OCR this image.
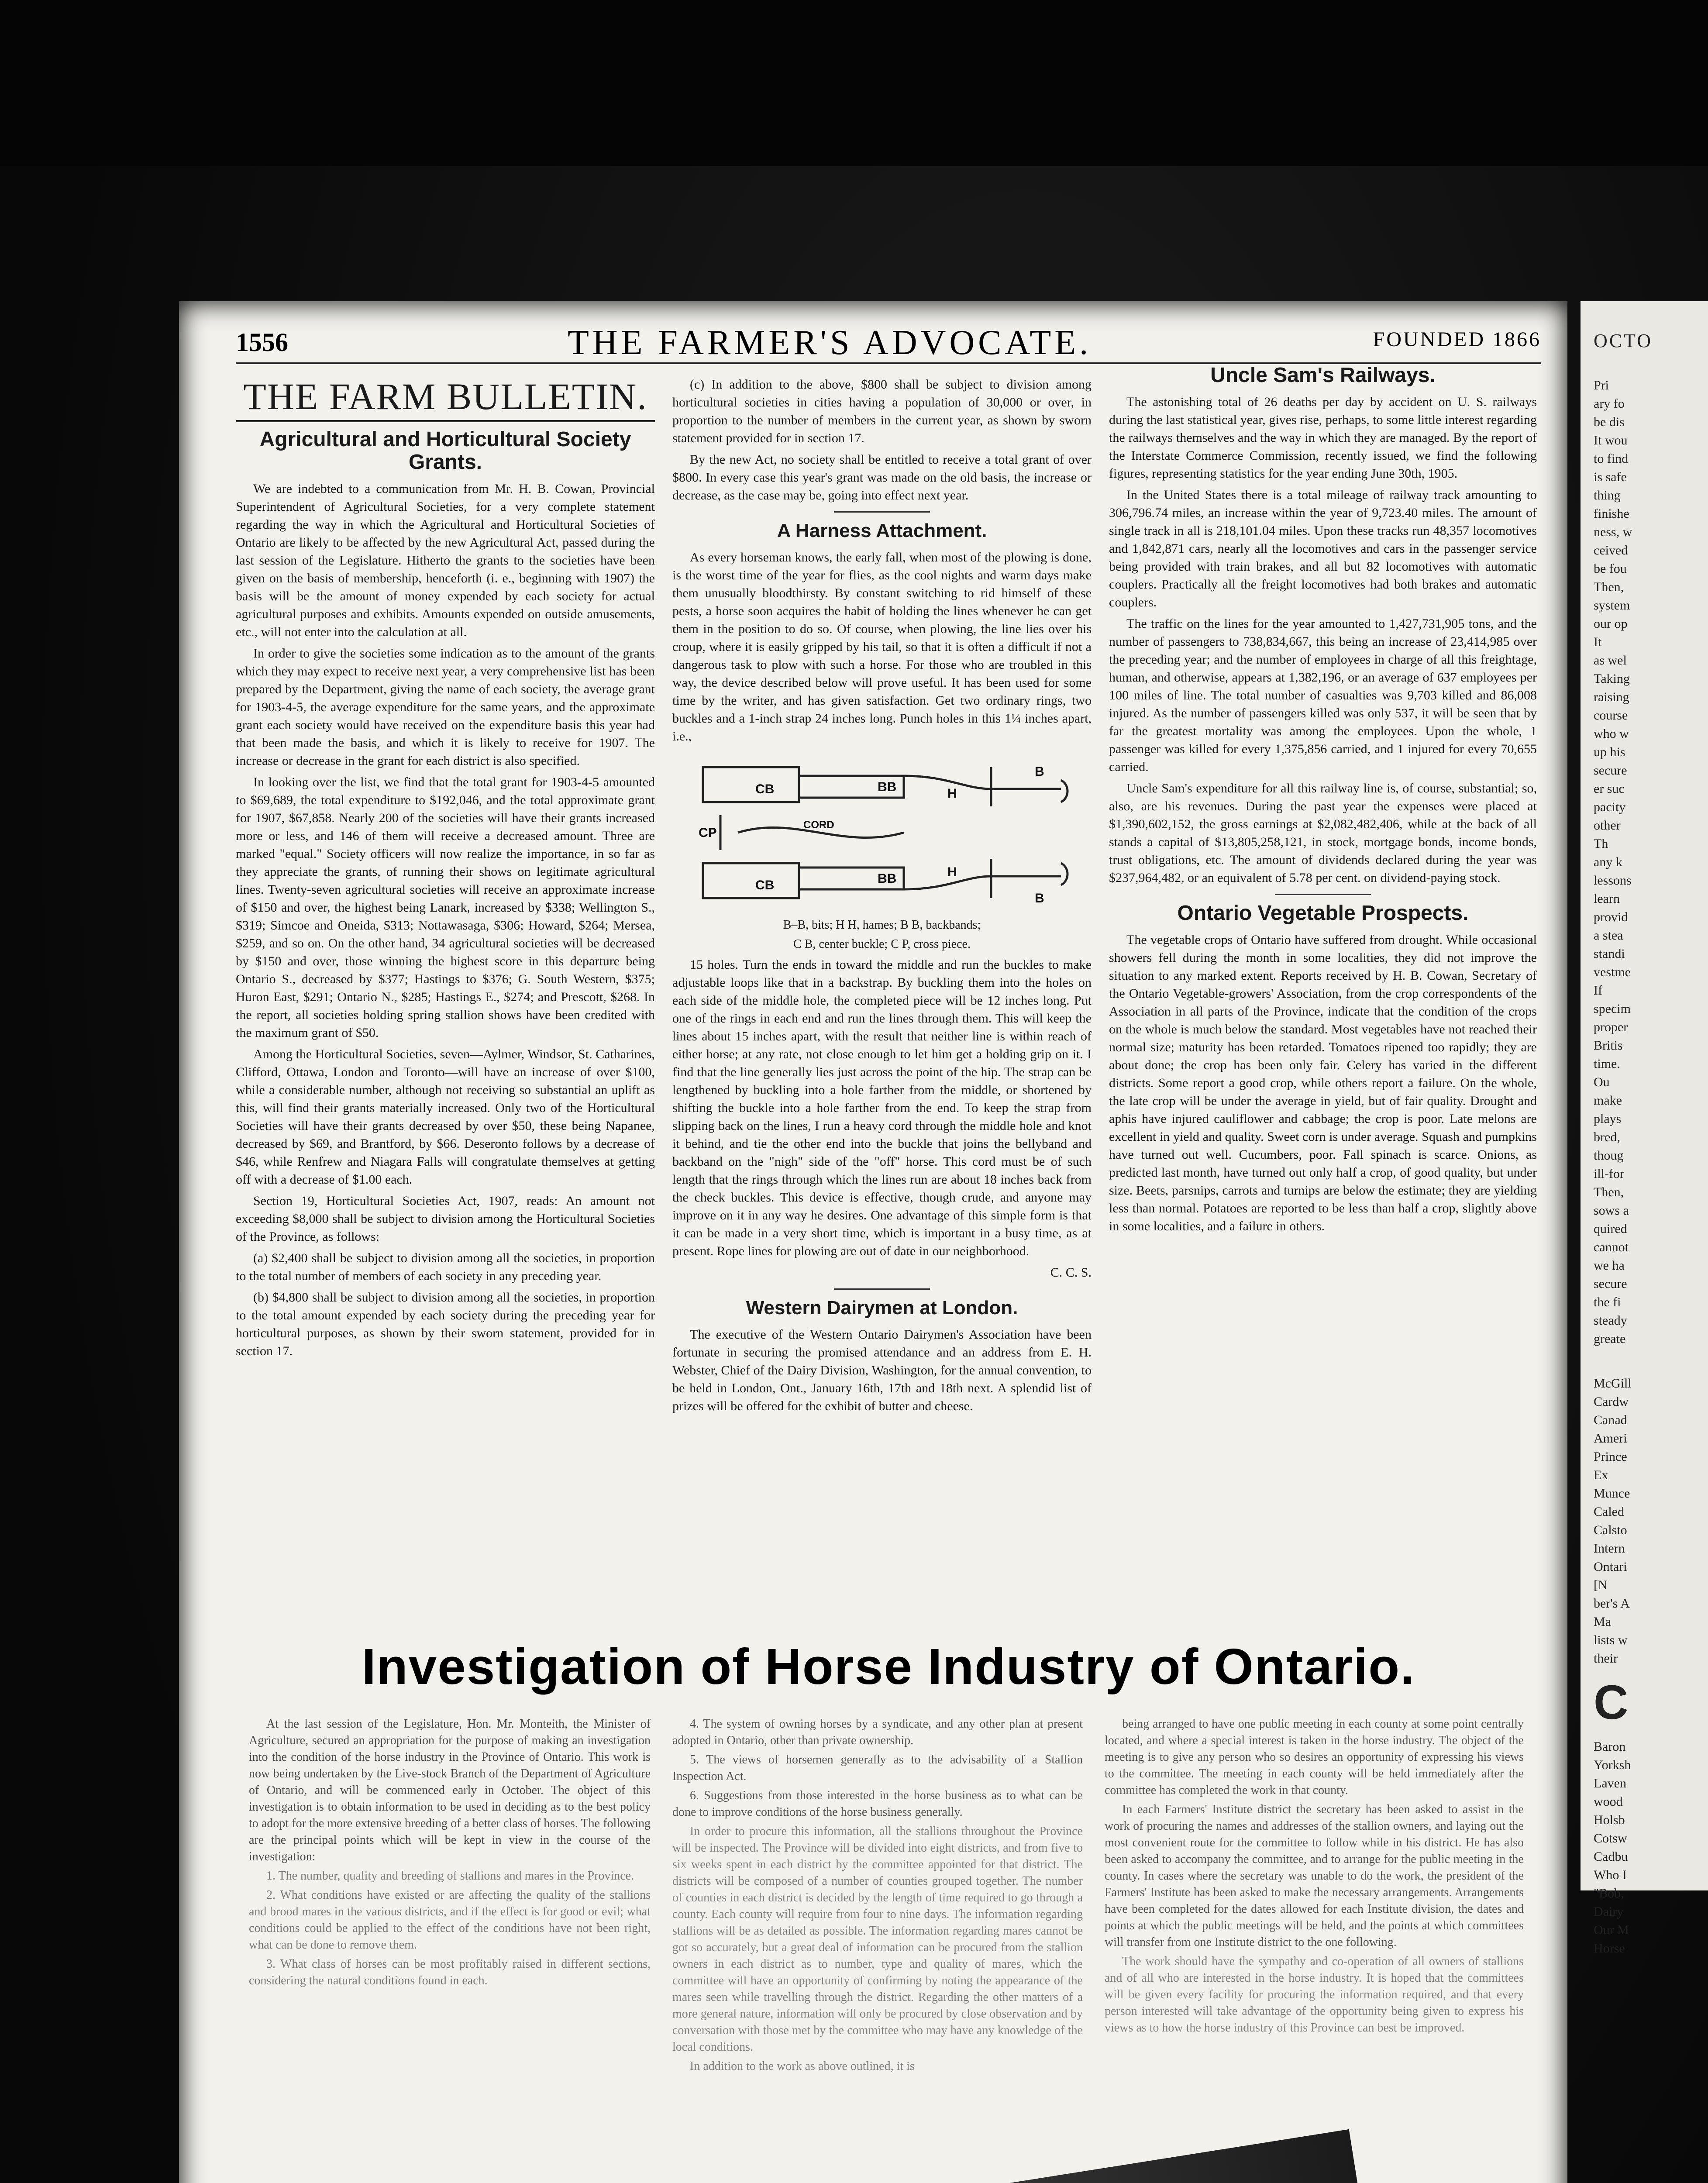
1556	THE FARMER'S ADVOCATE.	FOUNDED 1866
THE FARM BULLETIN.
Agricultural and Horticultural Society Grants.

We are indebted to a communication from Mr. H. B. Cowan, Provincial Superintendent of Agricultural Societies, for a very complete statement regarding the way in which the Agricultural and Horticultural Societies of Ontario are likely to be affected by the new Agricultural Act, passed during the last session of the Legislature. Hitherto the grants to the societies have been given on the basis of membership, henceforth (i. e., beginning with 1907) the basis will be the amount of money expended by each society for actual agricultural purposes and exhibits. Amounts expended on outside amusements, etc., will not enter into the calculation at all.

In order to give the societies some indication as to the amount of the grants which they may expect to receive next year, a very comprehensive list has been prepared by the Department, giving the name of each society, the average grant for 1903-4-5, the average expenditure for the same years, and the approximate grant each society would have received on the expenditure basis this year had that been made the basis, and which it is likely to receive for 1907. The increase or decrease in the grant for each district is also specified.

In looking over the list, we find that the total grant for 1903-4-5 amounted to $69,689, the total expenditure to $192,046, and the total approximate grant for 1907, $67,858. Nearly 200 of the societies will have their grants increased more or less, and 146 of them will receive a decreased amount. Three are marked "equal." Society officers will now realize the importance, in so far as they appreciate the grants, of running their shows on legitimate agricultural lines. Twenty-seven agricultural societies will receive an approximate increase of $150 and over, the highest being Lanark, increased by $338; Wellington S., $319; Simcoe and Oneida, $313; Nottawasaga, $306; Howard, $264; Mersea, $259, and so on. On the other hand, 34 agricultural societies will be decreased by $150 and over, those winning the highest score in this departure being Ontario S., decreased by $377; Hastings to $376; G. South Western, $375; Huron East, $291; Ontario N., $285; Hastings E., $274; and Prescott, $268. In the report, all societies holding spring stallion shows have been credited with the maximum grant of $50.

Among the Horticultural Societies, seven—Aylmer, Windsor, St. Catharines, Clifford, Ottawa, London and Toronto—will have an increase of over $100, while a considerable number, although not receiving so substantial an uplift as this, will find their grants materially increased. Only two of the Horticultural Societies will have their grants decreased by over $50, these being Napanee, decreased by $69, and Brantford, by $66. Deseronto follows by a decrease of $46, while Renfrew and Niagara Falls will congratulate themselves at getting off with a decrease of $1.00 each.

Section 19, Horticultural Societies Act, 1907, reads: An amount not exceeding $8,000 shall be subject to division among the Horticultural Societies of the Province, as follows:

(a) $2,400 shall be subject to division among all the societies, in proportion to the total number of members of each society in any preceding year.

(b) $4,800 shall be subject to division among all the societies, in proportion to the total amount expended by each society during the preceding year for horticultural purposes, as shown by their sworn statement, provided for in section 17.

(c) In addition to the above, $800 shall be subject to division among horticultural societies in cities having a population of 30,000 or over, in proportion to the number of members in the current year, as shown by sworn statement provided for in section 17.

By the new Act, no society shall be entitled to receive a total grant of over $800. In every case this year's grant was made on the old basis, the increase or decrease, as the case may be, going into effect next year.

A Harness Attachment.

As every horseman knows, the early fall, when most of the plowing is done, is the worst time of the year for flies, as the cool nights and warm days make them unusually bloodthirsty. By constant switching to rid himself of these pests, a horse soon acquires the habit of holding the lines whenever he can get them in the position to do so. Of course, when plowing, the line lies over his croup, where it is easily gripped by his tail, so that it is often a difficult if not a dangerous task to plow with such a horse. For those who are troubled in this way, the device described below will prove useful. It has been used for some time by the writer, and has given satisfaction. Get two ordinary rings, two buckles and a 1-inch strap 24 inches long. Punch holes in this 1¼ inches apart, i.e.,

BB
BB
H
H
B
B
CB
CB
CP
CORD

B–B, bits; H H, hames; B B, backbands;

C B, center buckle; C P, cross piece.

15 holes. Turn the ends in toward the middle and run the buckles to make adjustable loops like that in a backstrap. By buckling them into the holes on each side of the middle hole, the completed piece will be 12 inches long. Put one of the rings in each end and run the lines through them. This will keep the lines about 15 inches apart, with the result that neither line is within reach of either horse; at any rate, not close enough to let him get a holding grip on it. I find that the line generally lies just across the point of the hip. The strap can be lengthened by buckling into a hole farther from the middle, or shortened by shifting the buckle into a hole farther from the end. To keep the strap from slipping back on the lines, I run a heavy cord through the middle hole and knot it behind, and tie the other end into the buckle that joins the bellyband and backband on the "nigh" side of the "off" horse. This cord must be of such length that the rings through which the lines run are about 18 inches back from the check buckles. This device is effective, though crude, and anyone may improve on it in any way he desires. One advantage of this simple form is that it can be made in a very short time, which is important in a busy time, as at present. Rope lines for plowing are out of date in our neighborhood.

C. C. S.

Western Dairymen at London.

The executive of the Western Ontario Dairymen's Association have been fortunate in securing the promised attendance and an address from E. H. Webster, Chief of the Dairy Division, Washington, for the annual convention, to be held in London, Ont., January 16th, 17th and 18th next. A splendid list of prizes will be offered for the exhibit of butter and cheese.

Uncle Sam's Railways.

The astonishing total of 26 deaths per day by accident on U. S. railways during the last statistical year, gives rise, perhaps, to some little interest regarding the railways themselves and the way in which they are managed. By the report of the Interstate Commerce Commission, recently issued, we find the following figures, representing statistics for the year ending June 30th, 1905.

In the United States there is a total mileage of railway track amounting to 306,796.74 miles, an increase within the year of 9,723.40 miles. The amount of single track in all is 218,101.04 miles. Upon these tracks run 48,357 locomotives and 1,842,871 cars, nearly all the locomotives and cars in the passenger service being provided with train brakes, and all but 82 locomotives with automatic couplers. Practically all the freight locomotives had both brakes and automatic couplers.

The traffic on the lines for the year amounted to 1,427,731,905 tons, and the number of passengers to 738,834,667, this being an increase of 23,414,985 over the preceding year; and the number of employees in charge of all this freightage, human, and otherwise, appears at 1,382,196, or an average of 637 employees per 100 miles of line. The total number of casualties was 9,703 killed and 86,008 injured. As the number of passengers killed was only 537, it will be seen that by far the greatest mortality was among the employees. Upon the whole, 1 passenger was killed for every 1,375,856 carried, and 1 injured for every 70,655 carried.

Uncle Sam's expenditure for all this railway line is, of course, substantial; so, also, are his revenues. During the past year the expenses were placed at $1,390,602,152, the gross earnings at $2,082,482,406, while at the back of all stands a capital of $13,805,258,121, in stock, mortgage bonds, income bonds, trust obligations, etc. The amount of dividends declared during the year was $237,964,482, or an equivalent of 5.78 per cent. on dividend-paying stock.

Ontario Vegetable Prospects.

The vegetable crops of Ontario have suffered from drought. While occasional showers fell during the month in some localities, they did not improve the situation to any marked extent. Reports received by H. B. Cowan, Secretary of the Ontario Vegetable-growers' Association, from the crop correspondents of the Association in all parts of the Province, indicate that the condition of the crops on the whole is much below the standard. Most vegetables have not reached their normal size; maturity has been retarded. Tomatoes ripened too rapidly; they are about done; the crop has been only fair. Celery has varied in the different districts. Some report a good crop, while others report a failure. On the whole, the late crop will be under the average in yield, but of fair quality. Drought and aphis have injured cauliflower and cabbage; the crop is poor. Late melons are excellent in yield and quality. Sweet corn is under average. Squash and pumpkins have turned out well. Cucumbers, poor. Fall spinach is scarce. Onions, as predicted last month, have turned out only half a crop, of good quality, but under size. Beets, parsnips, carrots and turnips are below the estimate; they are yielding less than normal. Potatoes are reported to be less than half a crop, slightly above in some localities, and a failure in others.

Investigation of Horse Industry of Ontario.

At the last session of the Legislature, Hon. Mr. Monteith, the Minister of Agriculture, secured an appropriation for the purpose of making an investigation into the condition of the horse industry in the Province of Ontario. This work is now being undertaken by the Live-stock Branch of the Department of Agriculture of Ontario, and will be commenced early in October. The object of this investigation is to obtain information to be used in deciding as to the best policy to adopt for the more extensive breeding of a better class of horses. The following are the principal points which will be kept in view in the course of the investigation:

1. The number, quality and breeding of stallions and mares in the Province.

2. What conditions have existed or are affecting the quality of the stallions and brood mares in the various districts, and if the effect is for good or evil; what conditions could be applied to the effect of the conditions have not been right, what can be done to remove them.

3. What class of horses can be most profitably raised in different sections, considering the natural conditions found in each.

4. The system of owning horses by a syndicate, and any other plan at present adopted in Ontario, other than private ownership.

5. The views of horsemen generally as to the advisability of a Stallion Inspection Act.

6. Suggestions from those interested in the horse business as to what can be done to improve conditions of the horse business generally.

In order to procure this information, all the stallions throughout the Province will be inspected. The Province will be divided into eight districts, and from five to six weeks spent in each district by the committee appointed for that district. The districts will be composed of a number of counties grouped together. The number of counties in each district is decided by the length of time required to go through a county. Each county will require from four to nine days. The information regarding stallions will be as detailed as possible. The information regarding mares cannot be got so accurately, but a great deal of information can be procured from the stallion owners in each district as to number, type and quality of mares, which the committee will have an opportunity of confirming by noting the appearance of the mares seen while travelling through the district. Regarding the other matters of a more general nature, information will only be procured by close observation and by conversation with those met by the committee who may have any knowledge of the local conditions.

In addition to the work as above outlined, it is

being arranged to have one public meeting in each county at some point centrally located, and where a special interest is taken in the horse industry. The object of the meeting is to give any person who so desires an opportunity of expressing his views to the committee. The meeting in each county will be held immediately after the committee has completed the work in that county.

In each Farmers' Institute district the secretary has been asked to assist in the work of procuring the names and addresses of the stallion owners, and laying out the most convenient route for the committee to follow while in his district. He has also been asked to accompany the committee, and to arrange for the public meeting in the county. In cases where the secretary was unable to do the work, the president of the Farmers' Institute has been asked to make the necessary arrangements. Arrangements have been completed for the dates allowed for each Institute division, the dates and points at which the public meetings will be held, and the points at which committees will transfer from one Institute district to the one following.

The work should have the sympathy and co-operation of all owners of stallions and of all who are interested in the horse industry. It is hoped that the committees will be given every facility for procuring the information required, and that every person interested will take advantage of the opportunity being given to express his views as to how the horse industry of this Province can best be improved.

OCTO
Pri
ary fo
be dis
It wou
to find
is safe
thing
finishe
ness, w
ceived
be fou
Then,
system
our op
It
as wel
Taking
raising
course
who w
up his
secure
er suc
pacity
other
Th
any k
lessons
learn
provid
a stea
standi
vestme
If
specim
proper
Britis
time.
Ou
make
plays
bred,
thoug
ill-for
Then,
sows a
quired
cannot
we ha
secure
the fi
steady
greate
McGill
Cardw
Canad
Ameri
Prince
Ex
Munce
Caled
Calsto
Intern
Ontari
[N
ber's A
Ma
lists w
their
C
Baron
Yorksh
Laven
wood
Holsb
Cotsw
Cadbu
Who I
"Bob,
Dairy
Our M
Horse
